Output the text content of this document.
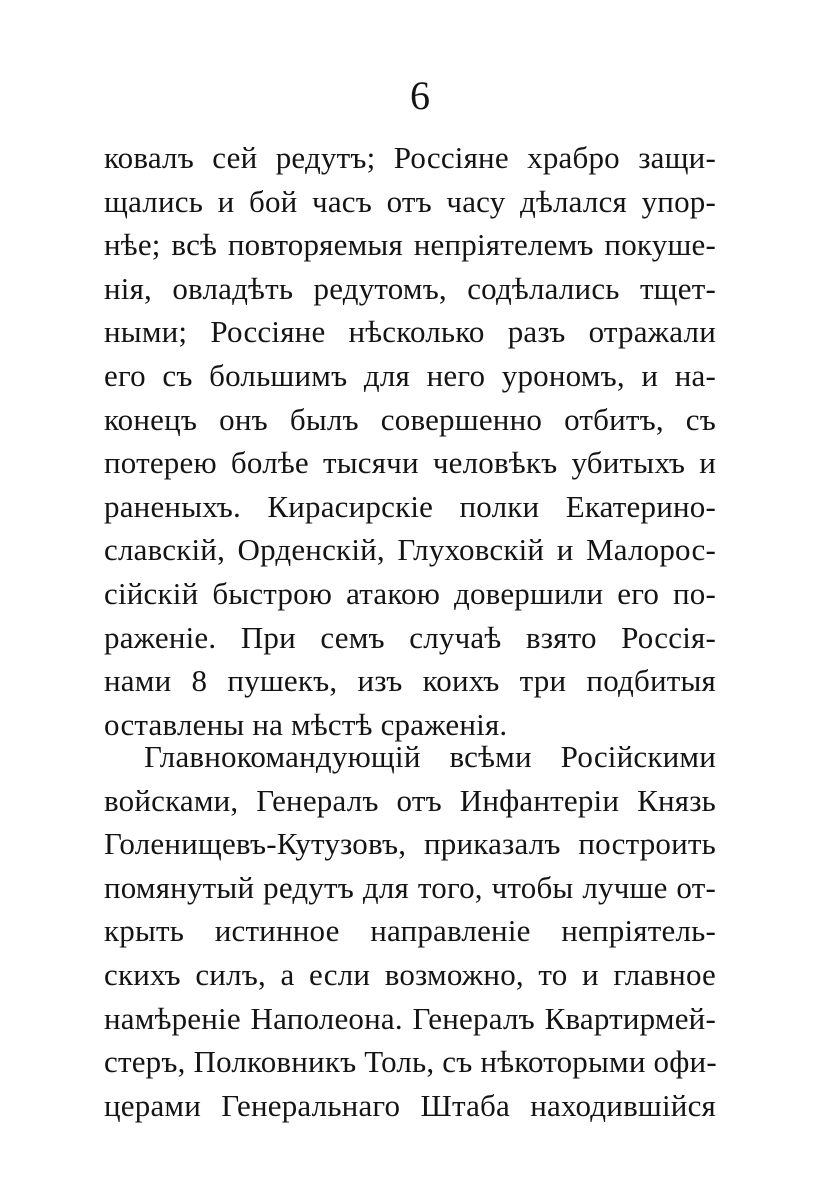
6
ковалъ сей редутъ; Россіяне храбро защи-
щались и бой часъ отъ часу дѣлался упор-
нѣе; всѣ повторяемыя непріятелемъ покуше-
нія, овладѣть редутомъ, содѣлались тщет-
ными; Россіяне нѣсколько разъ отражали
его съ большимъ для него урономъ, и на-
конецъ онъ былъ совершенно отбитъ, съ
потерею болѣе тысячи человѣкъ убитыхъ и
раненыхъ. Кирасирскіе полки Екатерино-
славскій, Орденскій, Глуховскій и Малорос-
сійскій быстрою атакою довершили его по-
раженіе. При семъ случаѣ взято Россія-
нами 8 пушекъ, изъ коихъ три подбитыя
оставлены на мѣстѣ сраженія.
Главнокомандующій всѣми Російскими
войсками, Генералъ отъ Инфантеріи Князь
Голенищевъ-Кутузовъ, приказалъ построить
помянутый редутъ для того, чтобы лучше от-
крыть истинное направленіе непріятель-
скихъ силъ, а если возможно, то и главное
намѣреніе Наполеона. Генералъ Квартирмей-
стеръ, Полковникъ Толь, съ нѣкоторыми офи-
церами Генеральнаго Штаба находившійся
